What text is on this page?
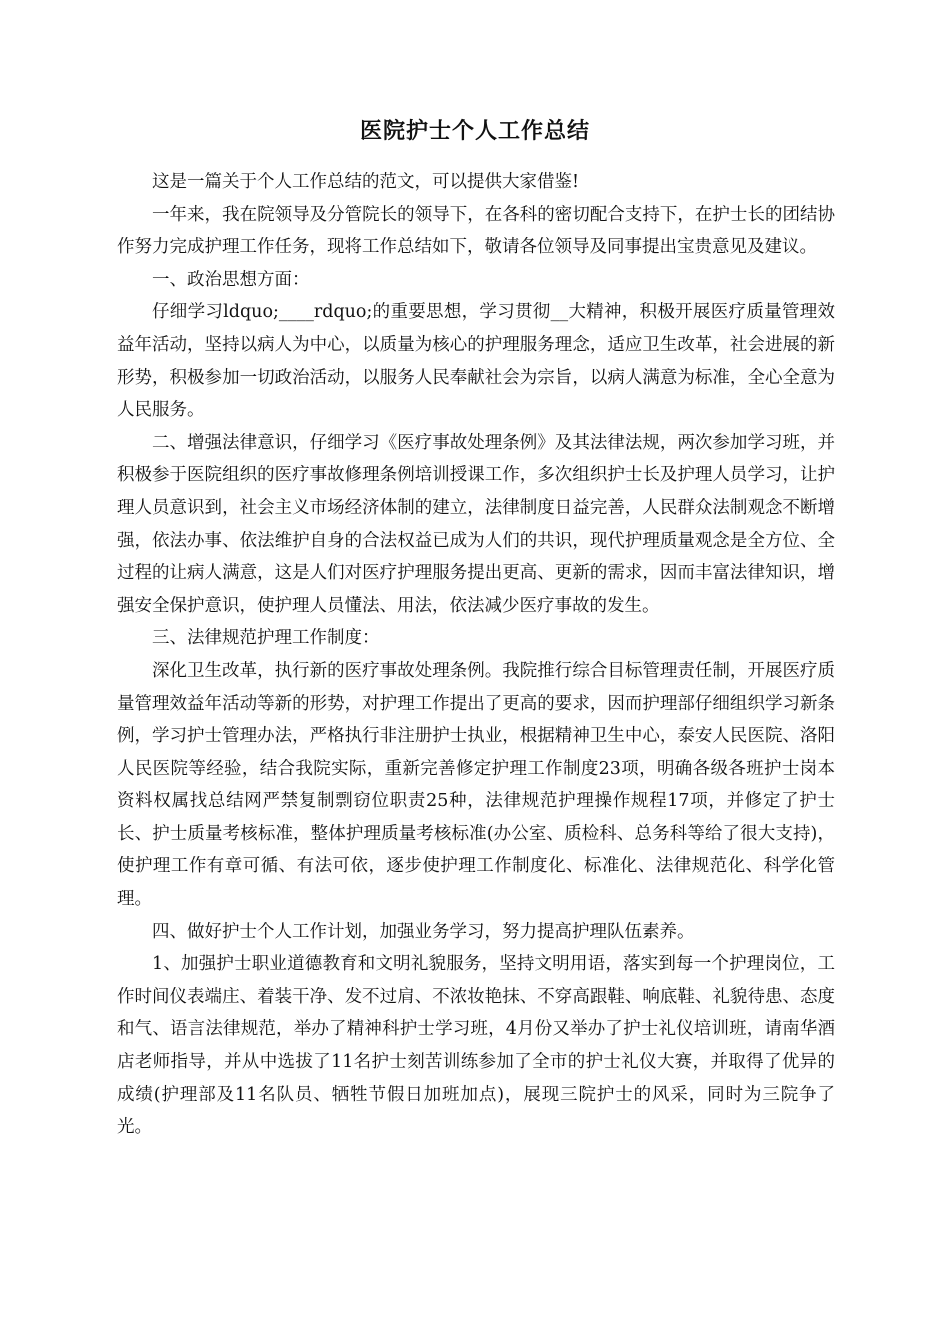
医院护士个人工作总结

这是一篇关于个人工作总结的范文，可以提供大家借鉴!

一年来，我在院领导及分管院长的领导下，在各科的密切配合支持下，在护士长的团结协作努力完成护理工作任务，现将工作总结如下，敬请各位领导及同事提出宝贵意见及建议。

一、政治思想方面：

仔细学习ldquo;____rdquo;的重要思想，学习贯彻__大精神，积极开展医疗质量管理效益年活动，坚持以病人为中心，以质量为核心的护理服务理念，适应卫生改革，社会进展的新形势，积极参加一切政治活动，以服务人民奉献社会为宗旨，以病人满意为标准，全心全意为人民服务。

二、增强法律意识，仔细学习《医疗事故处理条例》及其法律法规，两次参加学习班，并积极参于医院组织的医疗事故修理条例培训授课工作，多次组织护士长及护理人员学习，让护理人员意识到，社会主义市场经济体制的建立，法律制度日益完善，人民群众法制观念不断增强，依法办事、依法维护自身的合法权益已成为人们的共识，现代护理质量观念是全方位、全过程的让病人满意，这是人们对医疗护理服务提出更高、更新的需求，因而丰富法律知识，增强安全保护意识，使护理人员懂法、用法，依法减少医疗事故的发生。

三、法律规范护理工作制度：

深化卫生改革，执行新的医疗事故处理条例。我院推行综合目标管理责任制，开展医疗质量管理效益年活动等新的形势，对护理工作提出了更高的要求，因而护理部仔细组织学习新条例，学习护士管理办法，严格执行非注册护士执业，根据精神卫生中心，泰安人民医院、洛阳人民医院等经验，结合我院实际，重新完善修定护理工作制度23项，明确各级各班护士岗本资料权属找总结网严禁复制剽窃位职责25种，法律规范护理操作规程17项，并修定了护士长、护士质量考核标准，整体护理质量考核标准(办公室、质检科、总务科等给了很大支持)，使护理工作有章可循、有法可依，逐步使护理工作制度化、标准化、法律规范化、科学化管理。

四、做好护士个人工作计划，加强业务学习，努力提高护理队伍素养。

1、加强护士职业道德教育和文明礼貌服务，坚持文明用语，落实到每一个护理岗位，工作时间仪表端庄、着装干净、发不过肩、不浓妆艳抹、不穿高跟鞋、响底鞋、礼貌待患、态度和气、语言法律规范，举办了精神科护士学习班，4月份又举办了护士礼仪培训班，请南华酒店老师指导，并从中选拔了11名护士刻苦训练参加了全市的护士礼仪大赛，并取得了优异的成绩(护理部及11名队员、牺牲节假日加班加点)，展现三院护士的风采，同时为三院争了光。
